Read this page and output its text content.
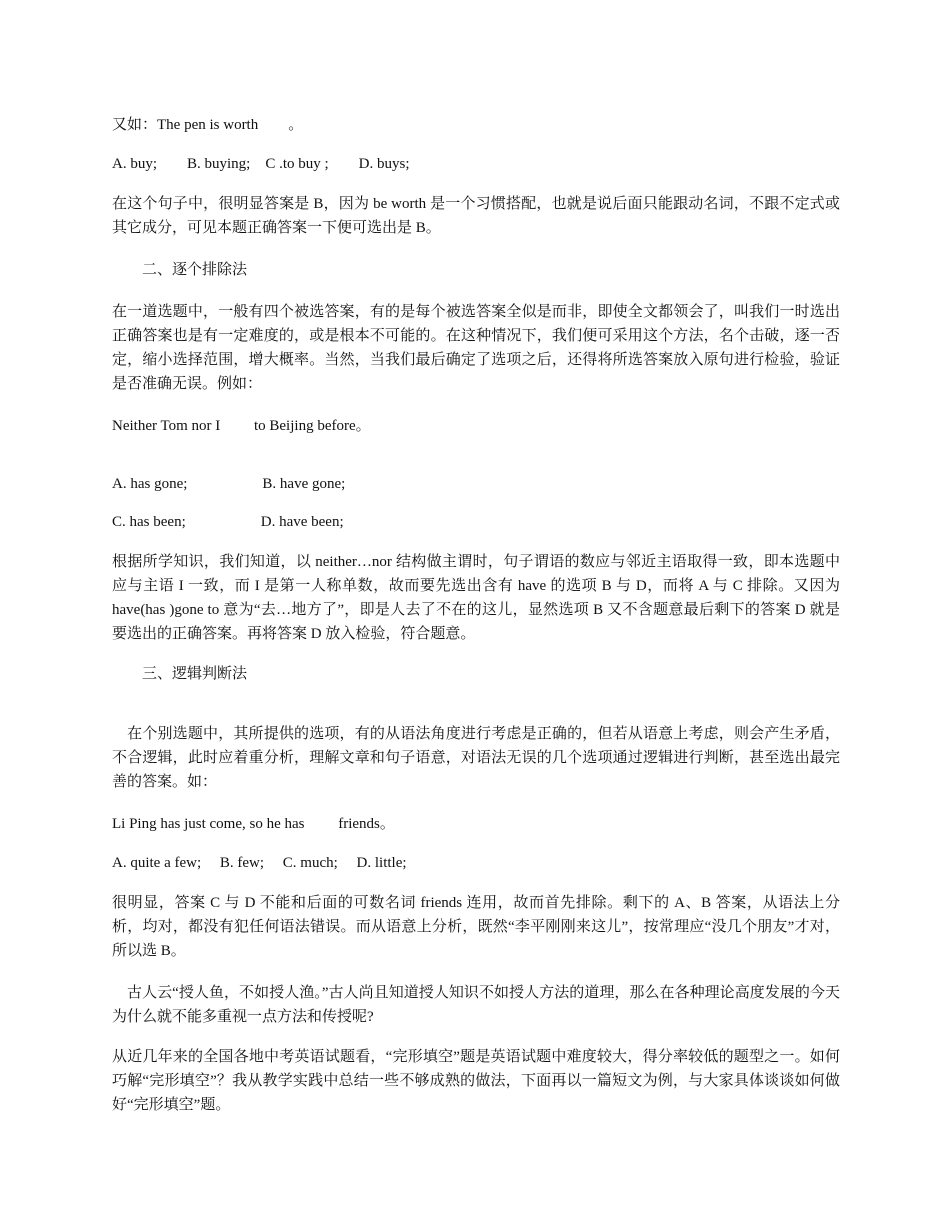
又如：The pen is worth　　。

A. buy;　　B. buying;　C .to buy ;　　D. buys;

在这个句子中，很明显答案是 B，因为 be worth 是一个习惯搭配，也就是说后面只能跟动名词，不跟不定式或其它成分，可见本题正确答案一下便可选出是 B。

　　二、逐个排除法

在一道选题中，一般有四个被选答案，有的是每个被选答案全似是而非，即使全文都领会了，叫我们一时选出正确答案也是有一定难度的，或是根本不可能的。在这种情况下，我们便可采用这个方法，名个击破，逐一否定，缩小选择范围，增大概率。当然，当我们最后确定了选项之后，还得将所选答案放入原句进行检验，验证是否准确无误。例如：

Neither Tom nor I　　 to Beijing before。

A. has gone;　　　　　B. have gone;

C. has been;　　　　　D. have been;

根据所学知识，我们知道，以 neither…nor 结构做主谓时，句子谓语的数应与邻近主语取得一致，即本选题中应与主语 I 一致，而 I 是第一人称单数，故而要先选出含有 have 的选项 B 与 D，而将 A 与 C 排除。又因为 have(has )gone to 意为“去…地方了”，即是人去了不在的这儿，显然选项 B 又不含题意最后剩下的答案 D 就是要选出的正确答案。再将答案 D 放入检验，符合题意。

　　三、逻辑判断法

　在个别选题中，其所提供的选项，有的从语法角度进行考虑是正确的，但若从语意上考虑，则会产生矛盾，不合逻辑，此时应着重分析，理解文章和句子语意，对语法无误的几个选项通过逻辑进行判断，甚至选出最完善的答案。如：

Li Ping has just come, so he has　　 friends。

A. quite a few;　 B. few;　 C. much;　 D. little;

很明显，答案 C 与 D 不能和后面的可数名词 friends 连用，故而首先排除。剩下的 A、B 答案，从语法上分析，均对，都没有犯任何语法错误。而从语意上分析，既然“李平刚刚来这儿”，按常理应“没几个朋友”才对，所以选 B。

　古人云“授人鱼，不如授人渔。”古人尚且知道授人知识不如授人方法的道理，那么在各种理论高度发展的今天为什么就不能多重视一点方法和传授呢?

从近几年来的全国各地中考英语试题看，“完形填空”题是英语试题中难度较大，得分率较低的题型之一。如何巧解“完形填空”？我从教学实践中总结一些不够成熟的做法，下面再以一篇短文为例，与大家具体谈谈如何做好“完形填空”题。
